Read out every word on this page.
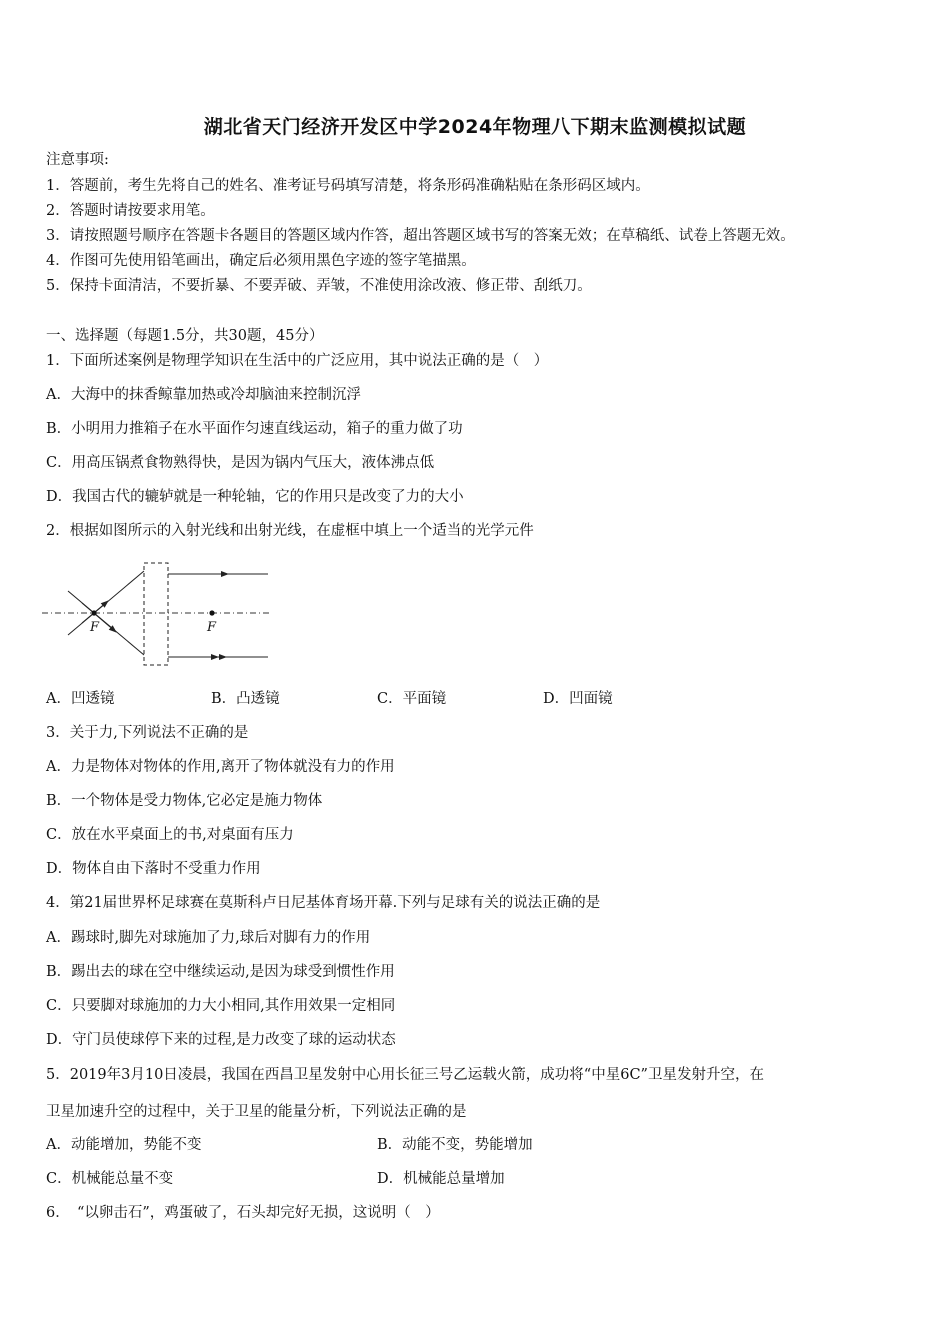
湖北省天门经济开发区中学2024年物理八下期末监测模拟试题
注意事项:
1．答题前，考生先将自己的姓名、准考证号码填写清楚，将条形码准确粘贴在条形码区域内。
2．答题时请按要求用笔。
3．请按照题号顺序在答题卡各题目的答题区域内作答，超出答题区域书写的答案无效；在草稿纸、试卷上答题无效。
4．作图可先使用铅笔画出，确定后必须用黑色字迹的签字笔描黑。
5．保持卡面清洁，不要折暴、不要弄破、弄皱，不准使用涂改液、修正带、刮纸刀。
一、选择题（每题1.5分，共30题，45分）
1．下面所述案例是物理学知识在生活中的广泛应用，其中说法正确的是（　）
A．大海中的抹香鲸靠加热或冷却脑油来控制沉浮
B．小明用力推箱子在水平面作匀速直线运动，箱子的重力做了功
C．用高压锅煮食物熟得快，是因为锅内气压大，液体沸点低
D．我国古代的辘轳就是一种轮轴，它的作用只是改变了力的大小
2．根据如图所示的入射光线和出射光线，在虚框中填上一个适当的光学元件
F	F
A．凹透镜	B．凸透镜	C．平面镜	D．凹面镜
3．关于力,下列说法不正确的是
A．力是物体对物体的作用,离开了物体就没有力的作用
B．一个物体是受力物体,它必定是施力物体
C．放在水平桌面上的书,对桌面有压力
D．物体自由下落时不受重力作用
4．第21届世界杯足球赛在莫斯科卢日尼基体育场开幕.下列与足球有关的说法正确的是
A．踢球时,脚先对球施加了力,球后对脚有力的作用
B．踢出去的球在空中继续运动,是因为球受到惯性作用
C．只要脚对球施加的力大小相同,其作用效果一定相同
D．守门员使球停下来的过程,是力改变了球的运动状态
5．2019年3月10日凌晨，我国在西昌卫星发射中心用长征三号乙运载火箭，成功将“中星6C”卫星发射升空，在
卫星加速升空的过程中，关于卫星的能量分析，下列说法正确的是
A．动能增加，势能不变	B．动能不变，势能增加
C．机械能总量不变	D．机械能总量增加
6．　“以卵击石”，鸡蛋破了，石头却完好无损，这说明（　）
